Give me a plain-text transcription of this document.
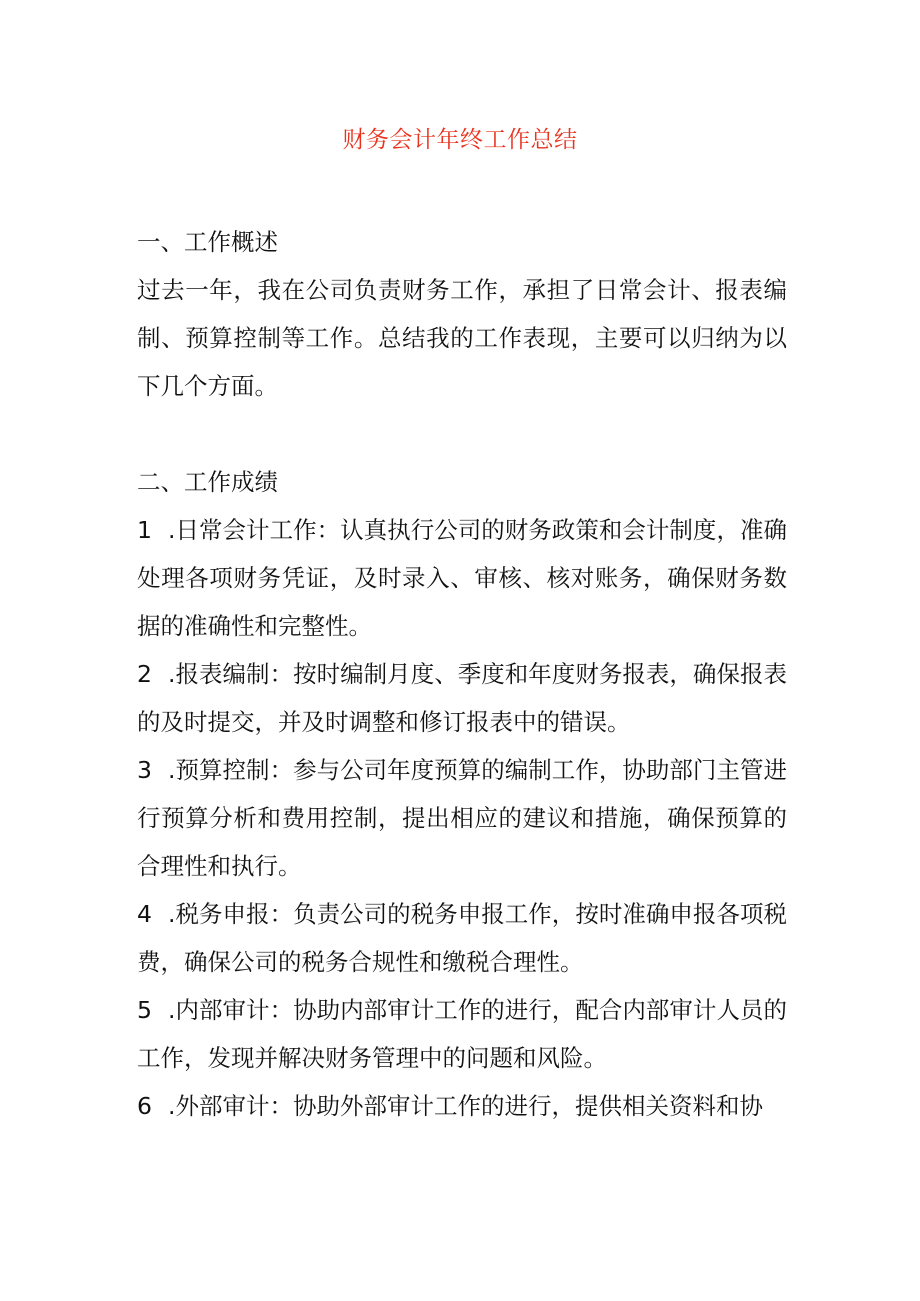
财务会计年终工作总结

一、工作概述

过去一年，我在公司负责财务工作，承担了日常会计、报表编制、预算控制等工作。总结我的工作表现，主要可以归纳为以下几个方面。

二、工作成绩

1 .日常会计工作：认真执行公司的财务政策和会计制度，准确处理各项财务凭证，及时录入、审核、核对账务，确保财务数据的准确性和完整性。

2 .报表编制：按时编制月度、季度和年度财务报表，确保报表的及时提交，并及时调整和修订报表中的错误。

3 .预算控制：参与公司年度预算的编制工作，协助部门主管进行预算分析和费用控制，提出相应的建议和措施，确保预算的合理性和执行。

4 .税务申报：负责公司的税务申报工作，按时准确申报各项税费，确保公司的税务合规性和缴税合理性。

5 .内部审计：协助内部审计工作的进行，配合内部审计人员的工作，发现并解决财务管理中的问题和风险。

6 .外部审计：协助外部审计工作的进行，提供相关资料和协
